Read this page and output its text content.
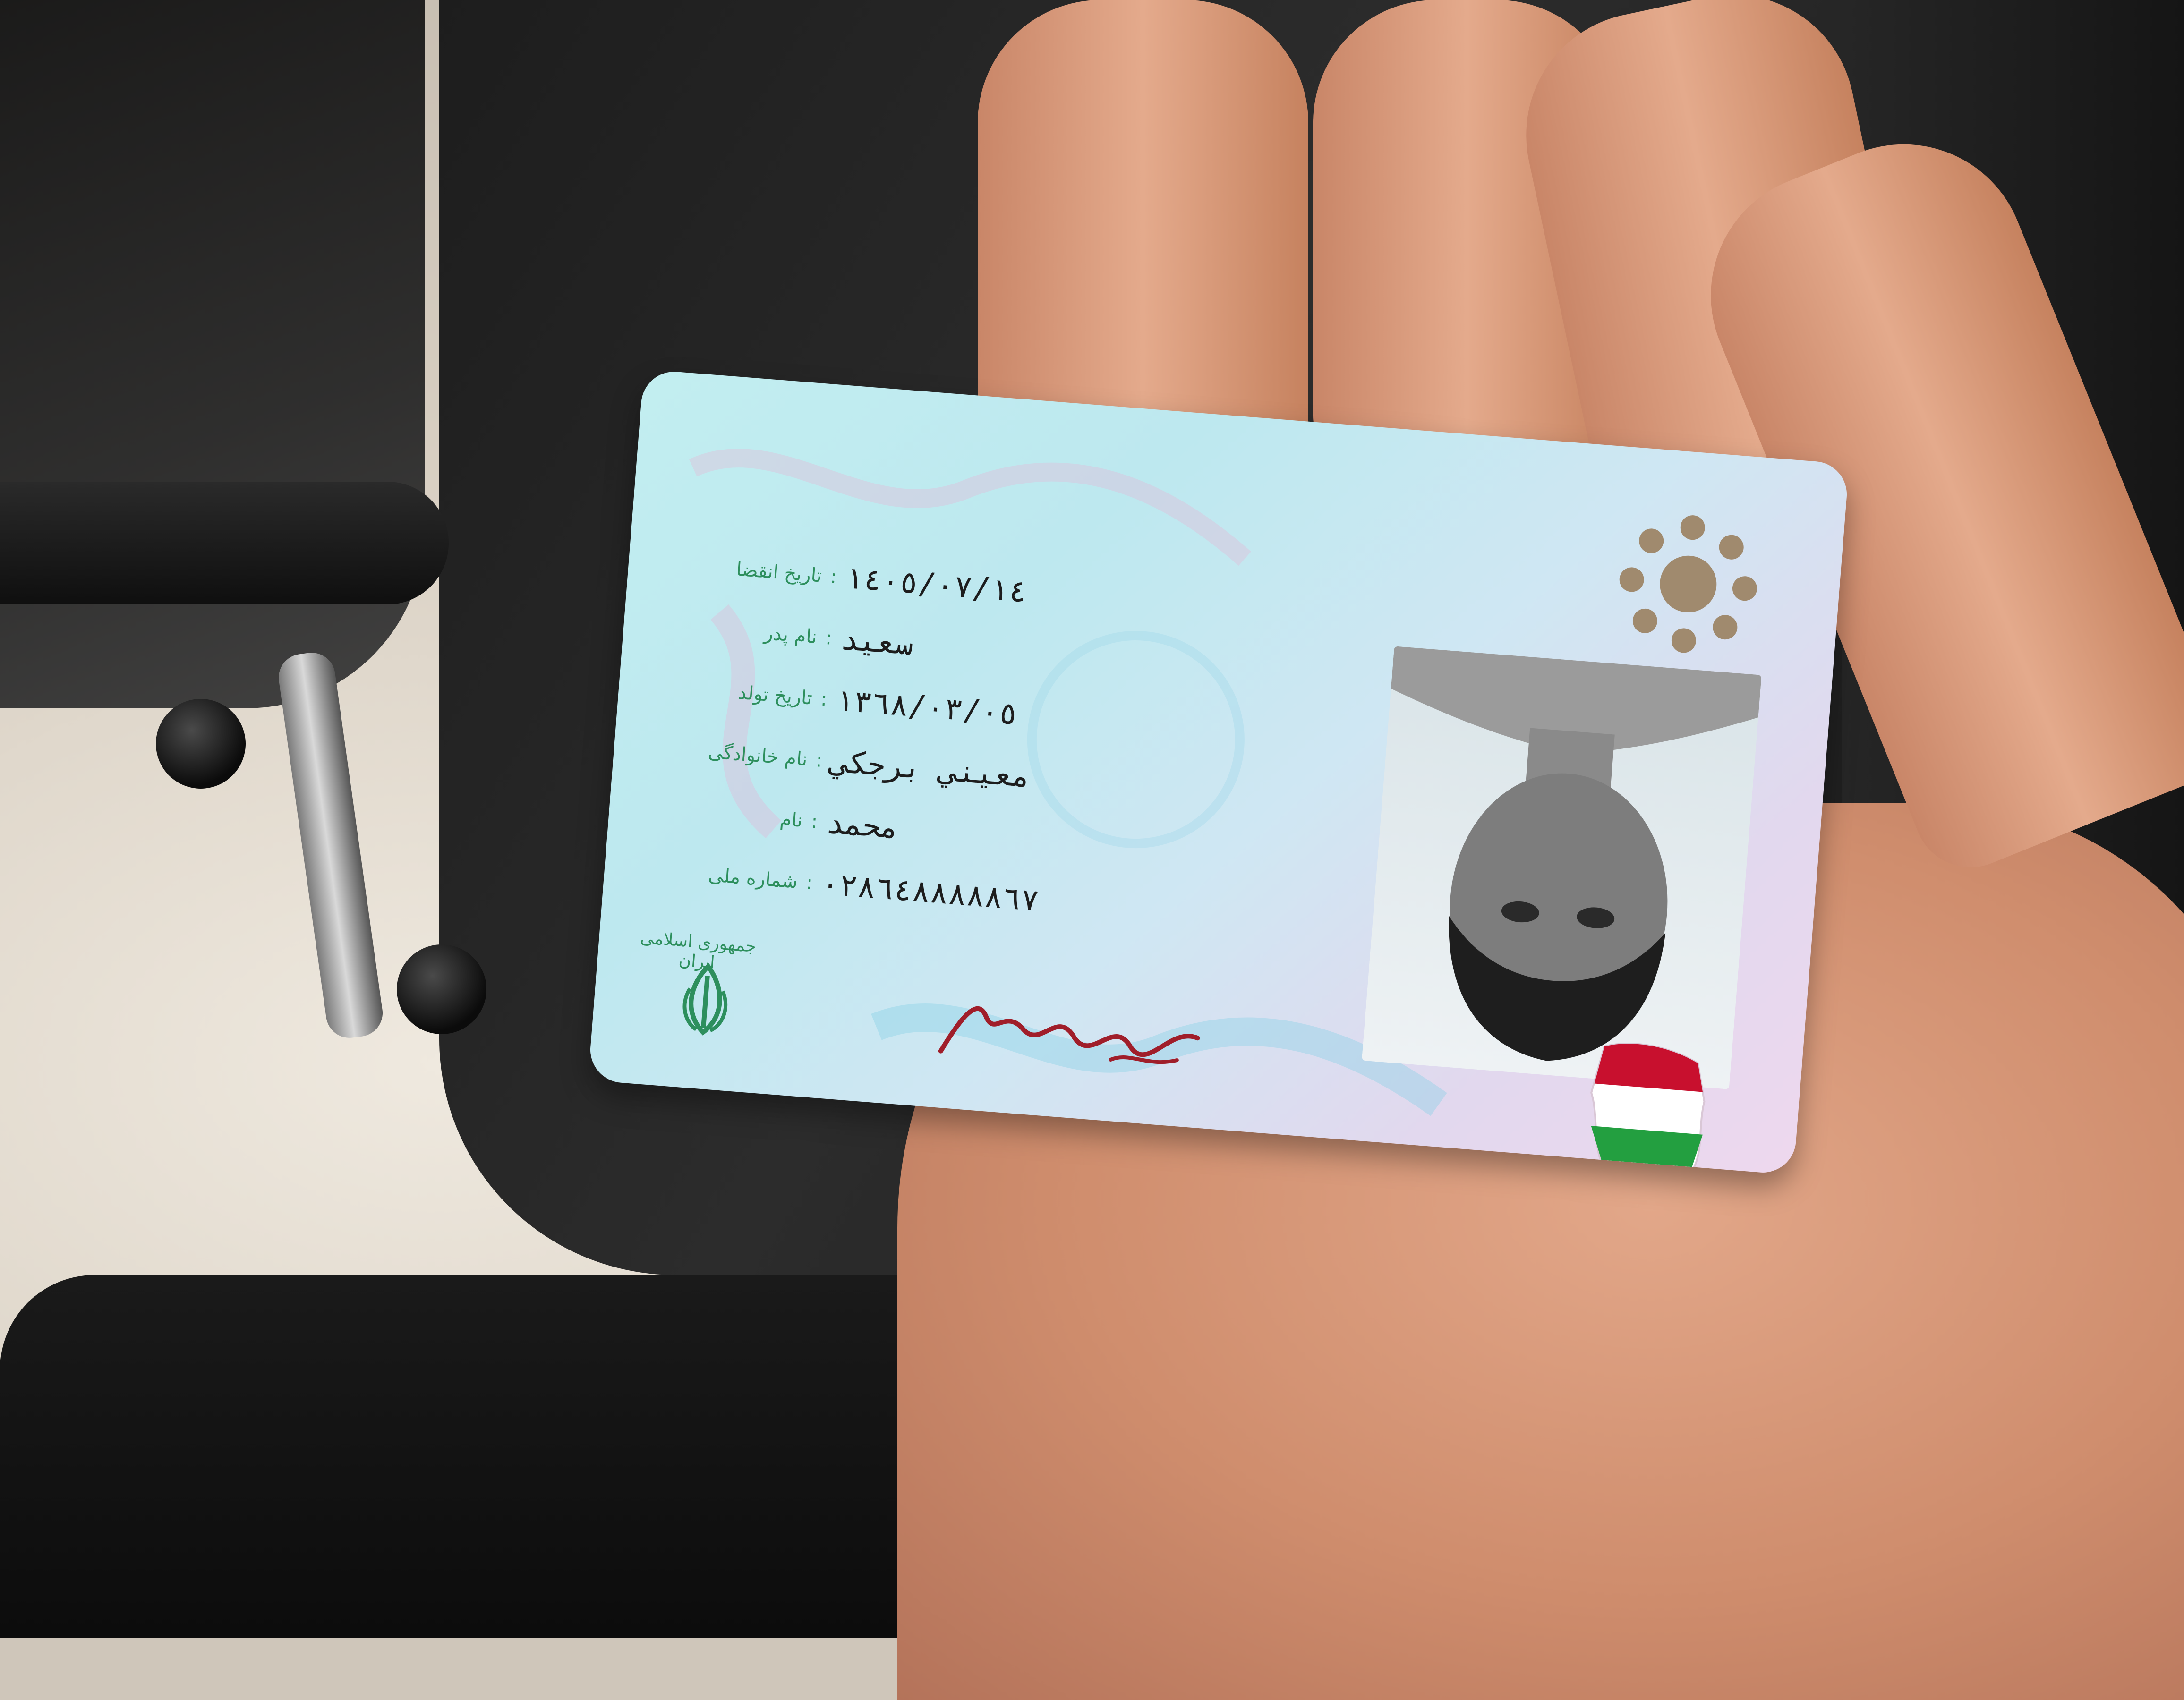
ﺗﺎرﻳﺦ اﻧﻘﻀﺎ : ١٤٠٥/٠٧/١٤
ﻧﺎم ﭘﺪر : ﺳﻌﻴﺪ
ﺗﺎرﻳﺦ ﺗﻮﻟﺪ : ١٣٦٨/٠٣/٠٥
ﻧﺎم ﺧﺎﻧﻮادﮔﻰ : ﻣﻌﻴﻨﻲ ﺑﺮﺟﻜﻲ
ﻧﺎم : ﻣﺤﻤﺪ
ﺷﻤﺎره ﻣﻠﻰ : ٠٢٨٦٤٨٨٨٨٨٦٧
ﺟﻤﻬﻮرى اﺳﻼﻣﻰ اﻳﺮان
